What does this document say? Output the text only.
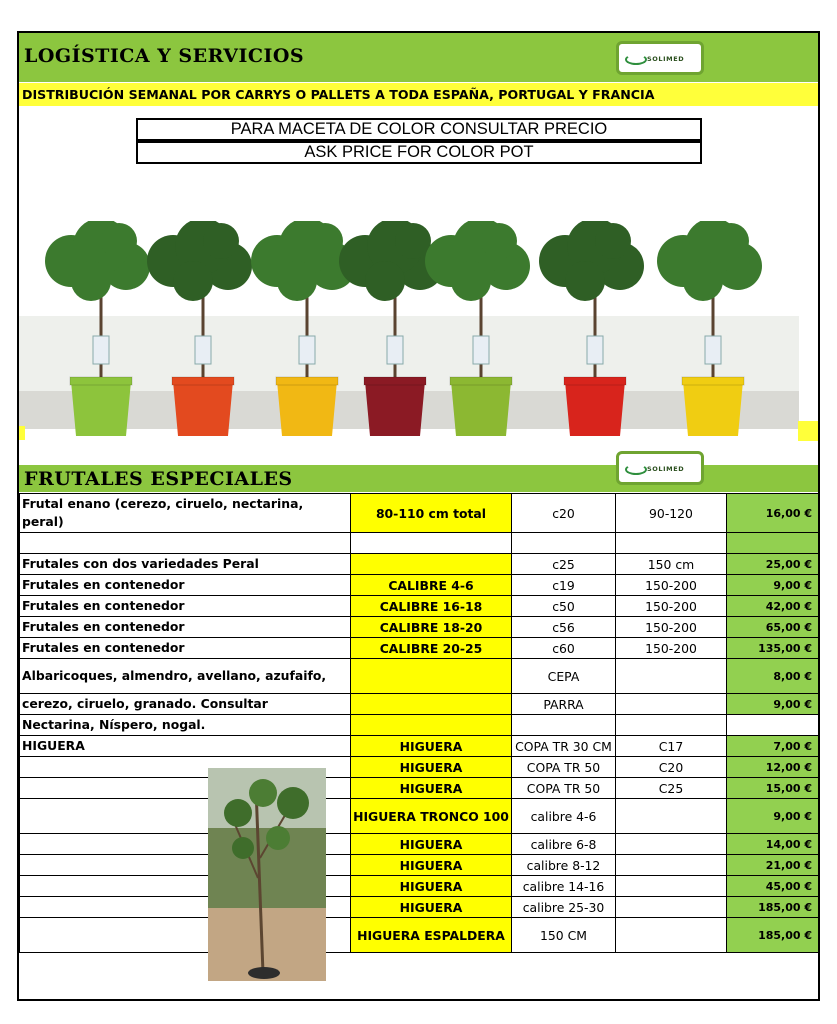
LOGÍSTICA Y SERVICIOS	SOLIMED
DISTRIBUCIÓN SEMANAL POR CARRYS O PALLETS A TODA ESPAÑA, PORTUGAL Y FRANCIA
PARA MACETA DE COLOR CONSULTAR PRECIO
ASK PRICE FOR COLOR POT
FRUTALES ESPECIALES	SOLIMED
Frutal enano (cerezo, ciruelo, nectarina, peral)	80-110 cm total	c20	90-120	16,00 €

Frutales con dos variedades Peral		c25	150 cm	25,00 €
Frutales en contenedor	CALIBRE 4-6	c19	150-200	9,00 €
Frutales en contenedor	CALIBRE 16-18	c50	150-200	42,00 €
Frutales en contenedor	CALIBRE 18-20	c56	150-200	65,00 €
Frutales en contenedor	CALIBRE 20-25	c60	150-200	135,00 €
Albaricoques, almendro, avellano, azufaifo,		CEPA		8,00 €
cerezo, ciruelo, granado. Consultar		PARRA		9,00 €
Nectarina, Níspero, nogal.				
HIGUERA	HIGUERA	COPA TR 30 CM	C17	7,00 €
	HIGUERA	COPA TR 50	C20	12,00 €
	HIGUERA	COPA TR 50	C25	15,00 €
	HIGUERA TRONCO 100	calibre 4-6		9,00 €
	HIGUERA	calibre 6-8		14,00 €
	HIGUERA	calibre 8-12		21,00 €
	HIGUERA	calibre 14-16		45,00 €
	HIGUERA	calibre 25-30		185,00 €
	HIGUERA ESPALDERA	150 CM		185,00 €
